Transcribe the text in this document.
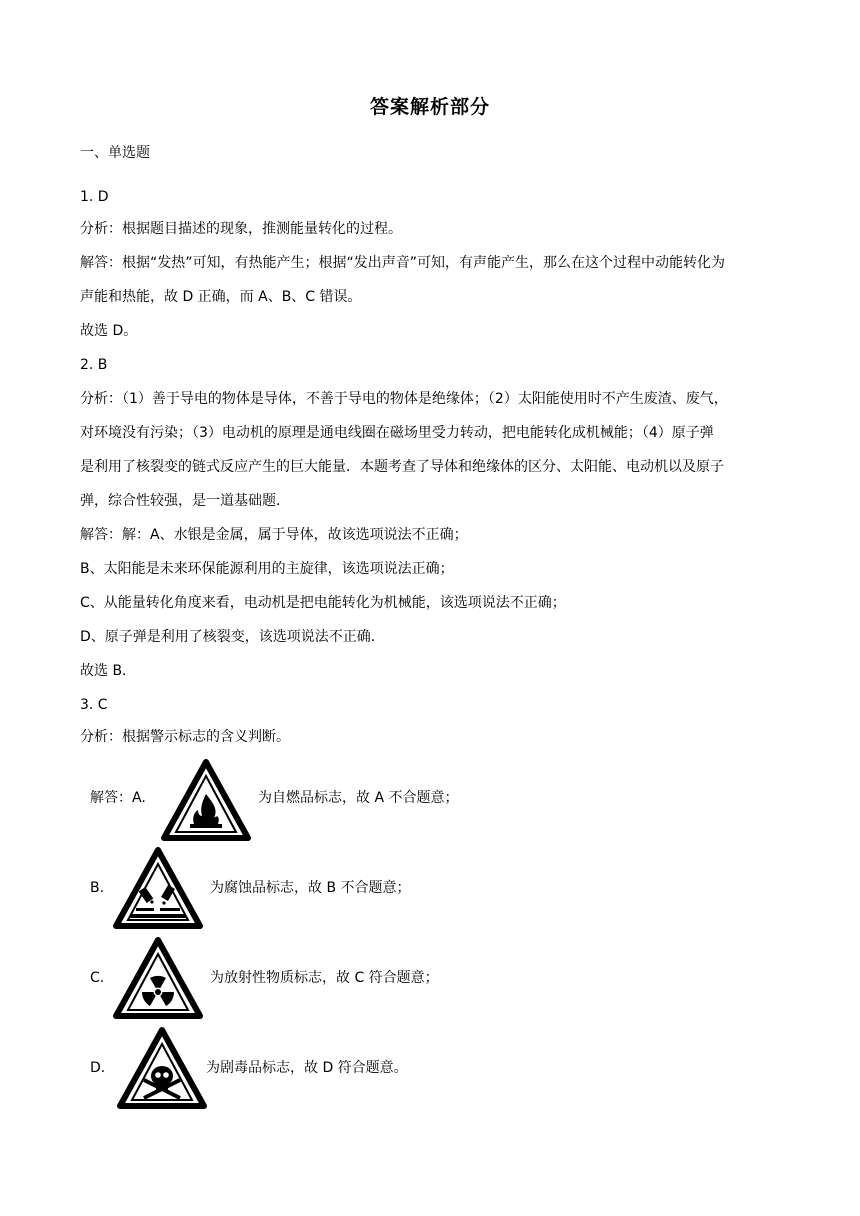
答案解析部分
一、单选题
1. D
分析：根据题目描述的现象，推测能量转化的过程。
解答：根据“发热”可知，有热能产生；根据“发出声音”可知，有声能产生，那么在这个过程中动能转化为
声能和热能，故 D 正确，而 A、B、C 错误。
故选 D。
2. B
分析：（1）善于导电的物体是导体，不善于导电的物体是绝缘体；（2）太阳能使用时不产生废渣、废气，
对环境没有污染；（3）电动机的原理是通电线圈在磁场里受力转动，把电能转化成机械能；（4）原子弹
是利用了核裂变的链式反应产生的巨大能量．本题考查了导体和绝缘体的区分、太阳能、电动机以及原子
弹，综合性较强，是一道基础题．
解答：解：A、水银是金属，属于导体，故该选项说法不正确；
B、太阳能是未来环保能源利用的主旋律，该选项说法正确；
C、从能量转化角度来看，电动机是把电能转化为机械能，该选项说法不正确；
D、原子弹是利用了核裂变，该选项说法不正确．
故选 B．
3. C
分析：根据警示标志的含义判断。
解答：A.	为自燃品标志，故 A 不合题意；
B.	为腐蚀品标志，故 B 不合题意；
C.	为放射性物质标志，故 C 符合题意；
D.	为剧毒品标志，故 D 符合题意。
